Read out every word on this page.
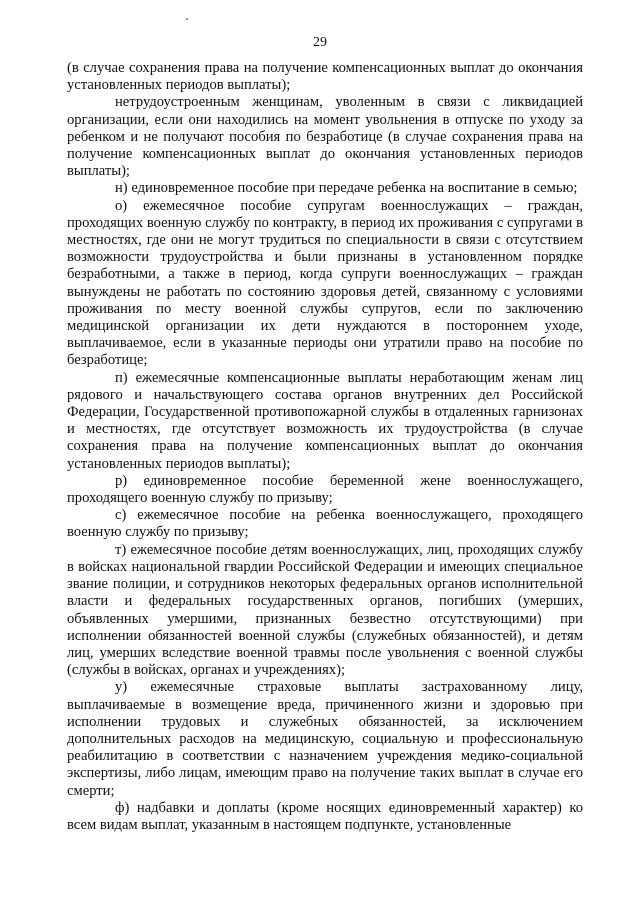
29

(в случае сохранения права на получение компенсационных выплат до окончания установленных периодов выплаты);

нетрудоустроенным женщинам, уволенным в связи с ликвидацией организации, если они находились на момент увольнения в отпуске по уходу за ребенком и не получают пособия по безработице (в случае сохранения права на получение компенсационных выплат до окончания установленных периодов выплаты);

н) единовременное пособие при передаче ребенка на воспитание в семью;

о) ежемесячное пособие супругам военнослужащих – граждан, проходящих военную службу по контракту, в период их проживания с супругами в местностях, где они не могут трудиться по специальности в связи с отсутствием возможности трудоустройства и были признаны в установленном порядке безработными, а также в период, когда супруги военнослужащих – граждан вынуждены не работать по состоянию здоровья детей, связанному с условиями проживания по месту военной службы супругов, если по заключению медицинской организации их дети нуждаются в постороннем уходе, выплачиваемое, если в указанные периоды они утратили право на пособие по безработице;

п) ежемесячные компенсационные выплаты неработающим женам лиц рядового и начальствующего состава органов внутренних дел Российской Федерации, Государственной противопожарной службы в отдаленных гарнизонах и местностях, где отсутствует возможность их трудоустройства (в случае сохранения права на получение компенсационных выплат до окончания установленных периодов выплаты);

р) единовременное пособие беременной жене военнослужащего, проходящего военную службу по призыву;

с) ежемесячное пособие на ребенка военнослужащего, проходящего военную службу по призыву;

т) ежемесячное пособие детям военнослужащих, лиц, проходящих службу в войсках национальной гвардии Российской Федерации и имеющих специальное звание полиции, и сотрудников некоторых федеральных органов исполнительной власти и федеральных государственных органов, погибших (умерших, объявленных умершими, признанных безвестно отсутствующими) при исполнении обязанностей военной службы (служебных обязанностей), и детям лиц, умерших вследствие военной травмы после увольнения с военной службы (службы в войсках, органах и учреждениях);

у) ежемесячные страховые выплаты застрахованному лицу, выплачиваемые в возмещение вреда, причиненного жизни и здоровью при исполнении трудовых и служебных обязанностей, за исключением дополнительных расходов на медицинскую, социальную и профессиональную реабилитацию в соответствии с назначением учреждения медико-социальной экспертизы, либо лицам, имеющим право на получение таких выплат в случае его смерти;

ф) надбавки и доплаты (кроме носящих единовременный характер) ко всем видам выплат, указанным в настоящем подпункте, установленные
